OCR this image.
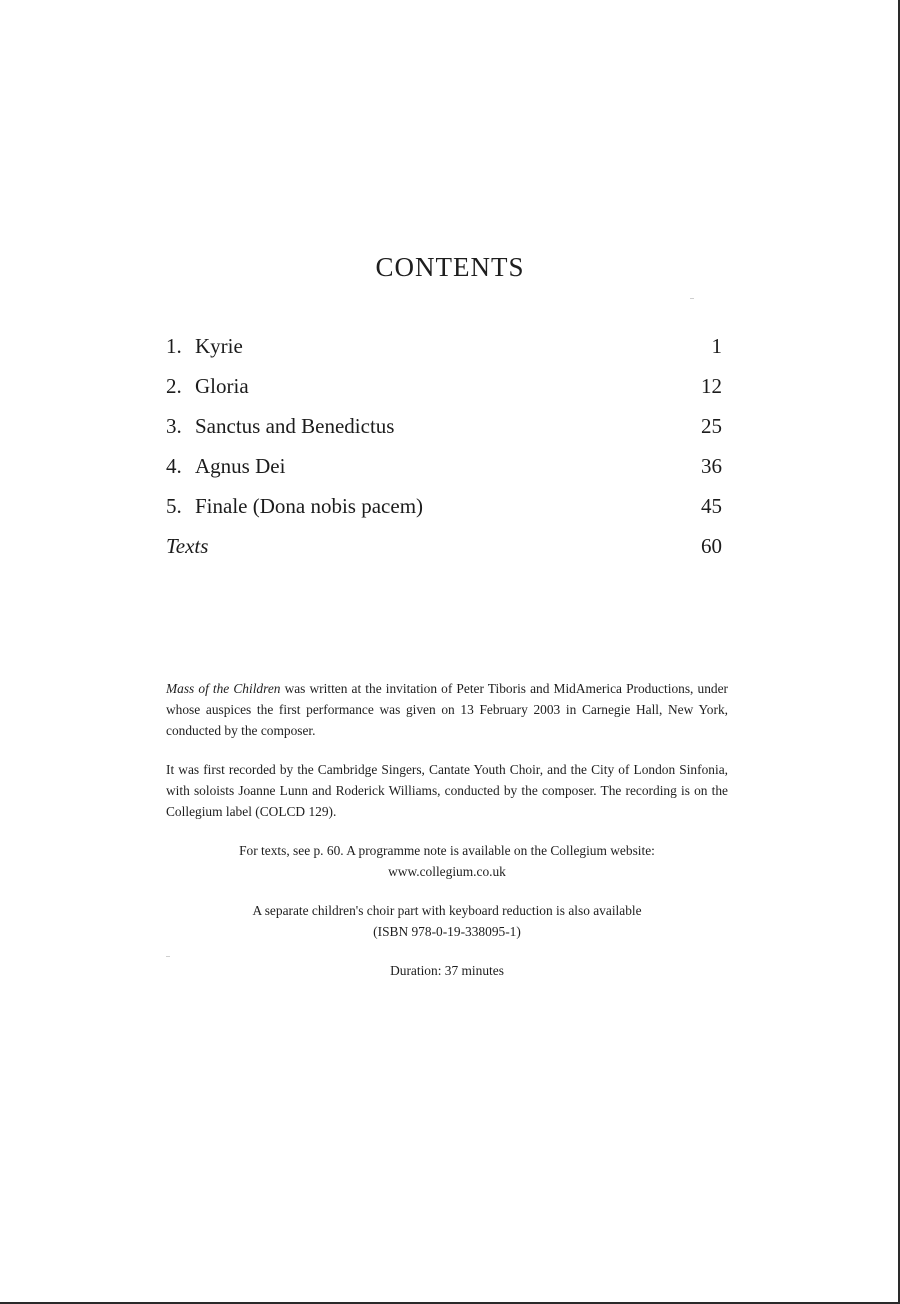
CONTENTS
1. Kyrie	1
2. Gloria	12
3. Sanctus and Benedictus	25
4. Agnus Dei	36
5. Finale (Dona nobis pacem)	45
Texts	60

Mass of the Children was written at the invitation of Peter Tiboris and MidAmerica Productions, under whose auspices the first performance was given on 13 February 2003 in Carnegie Hall, New York, conducted by the composer.

It was first recorded by the Cambridge Singers, Cantate Youth Choir, and the City of London Sinfonia, with soloists Joanne Lunn and Roderick Williams, conducted by the composer. The recording is on the Collegium label (COLCD 129).

For texts, see p. 60. A programme note is available on the Collegium website:
www.collegium.co.uk

A separate children's choir part with keyboard reduction is also available
(ISBN 978-0-19-338095-1)

Duration: 37 minutes
